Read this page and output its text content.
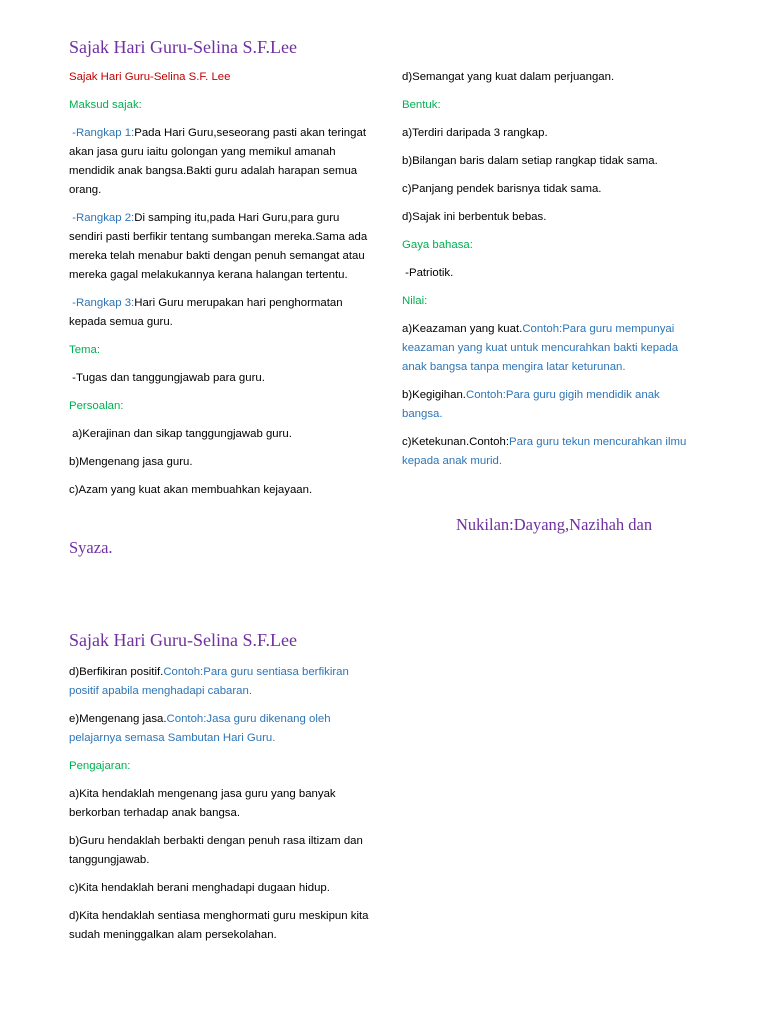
Sajak Hari Guru-Selina S.F.Lee

Sajak Hari Guru-Selina S.F. Lee

Maksud sajak:

-Rangkap 1:Pada Hari Guru,seseorang pasti akan teringat akan jasa guru iaitu golongan yang memikul amanah mendidik anak bangsa.Bakti guru adalah harapan semua orang.

-Rangkap 2:Di samping itu,pada Hari Guru,para guru sendiri pasti berfikir tentang sumbangan mereka.Sama ada mereka telah menabur bakti dengan penuh semangat atau mereka gagal melakukannya kerana halangan tertentu.

-Rangkap 3:Hari Guru merupakan hari penghormatan kepada semua guru.

Tema:

-Tugas dan tanggungjawab para guru.

Persoalan:

a)Kerajinan dan sikap tanggungjawab guru.

b)Mengenang jasa guru.

c)Azam yang kuat akan membuahkan kejayaan.

d)Semangat yang kuat dalam perjuangan.

Bentuk:

a)Terdiri daripada 3 rangkap.

b)Bilangan baris dalam setiap rangkap tidak sama.

c)Panjang pendek barisnya tidak sama.

d)Sajak ini berbentuk bebas.

Gaya bahasa:

-Patriotik.

Nilai:

a)Keazaman yang kuat.Contoh:Para guru mempunyai keazaman yang kuat untuk mencurahkan bakti kepada anak bangsa tanpa mengira latar keturunan.

b)Kegigihan.Contoh:Para guru gigih mendidik anak bangsa.

c)Ketekunan.Contoh:Para guru tekun mencurahkan ilmu kepada anak murid.

Nukilan:Dayang,Nazihah dan
Syaza.
Sajak Hari Guru-Selina S.F.Lee

d)Berfikiran positif.Contoh:Para guru sentiasa berfikiran positif apabila menghadapi cabaran.

e)Mengenang jasa.Contoh:Jasa guru dikenang oleh pelajarnya semasa Sambutan Hari Guru.

Pengajaran:

a)Kita hendaklah mengenang jasa guru yang banyak berkorban terhadap anak bangsa.

b)Guru hendaklah berbakti dengan penuh rasa iltizam dan tanggungjawab.

c)Kita hendaklah berani menghadapi dugaan hidup.

d)Kita hendaklah sentiasa menghormati guru meskipun kita sudah meninggalkan alam persekolahan.
